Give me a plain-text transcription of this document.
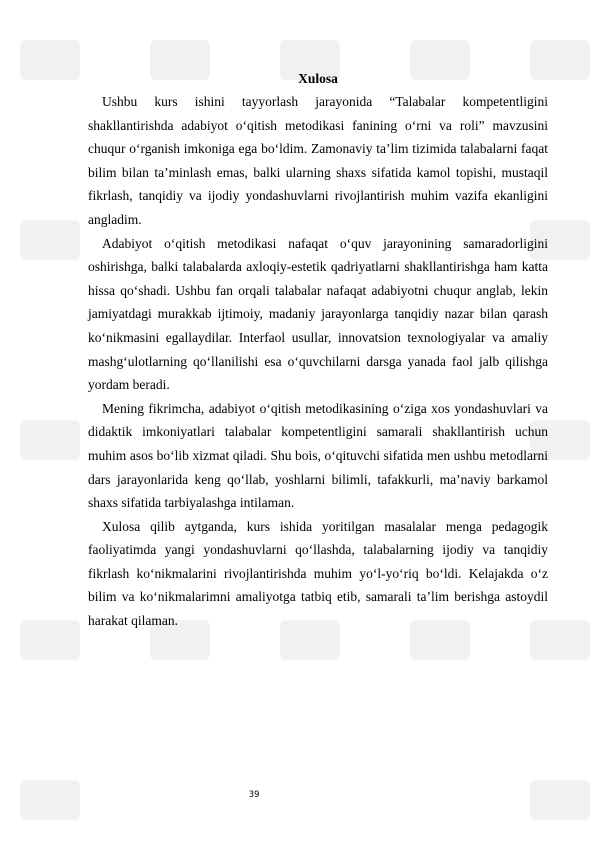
Xulosa

Ushbu kurs ishini tayyorlash jarayonida “Talabalar kompetentligini shakllantirishda adabiyot o‘qitish metodikasi fanining o‘rni va roli” mavzusini chuqur o‘rganish imkoniga ega bo‘ldim. Zamonaviy ta’lim tizimida talabalarni faqat bilim bilan ta’minlash emas, balki ularning shaxs sifatida kamol topishi, mustaqil fikrlash, tanqidiy va ijodiy yondashuvlarni rivojlantirish muhim vazifa ekanligini angladim.

Adabiyot o‘qitish metodikasi nafaqat o‘quv jarayonining samaradorligini oshirishga, balki talabalarda axloqiy-estetik qadriyatlarni shakllantirishga ham katta hissa qo‘shadi. Ushbu fan orqali talabalar nafaqat adabiyotni chuqur anglab, lekin jamiyatdagi murakkab ijtimoiy, madaniy jarayonlarga tanqidiy nazar bilan qarash ko‘nikmasini egallaydilar. Interfaol usullar, innovatsion texnologiyalar va amaliy mashg‘ulotlarning qo‘llanilishi esa o‘quvchilarni darsga yanada faol jalb qilishga yordam beradi.

Mening fikrimcha, adabiyot o‘qitish metodikasining o‘ziga xos yondashuvlari va didaktik imkoniyatlari talabalar kompetentligini samarali shakllantirish uchun muhim asos bo‘lib xizmat qiladi. Shu bois, o‘qituvchi sifatida men ushbu metodlarni dars jarayonlarida keng qo‘llab, yoshlarni bilimli, tafakkurli, ma’naviy barkamol shaxs sifatida tarbiyalashga intilaman.

Xulosa qilib aytganda, kurs ishida yoritilgan masalalar menga pedagogik faoliyatimda yangi yondashuvlarni qo‘llashda, talabalarning ijodiy va tanqidiy fikrlash ko‘nikmalarini rivojlantirishda muhim yo‘l-yo‘riq bo‘ldi. Kelajakda o‘z bilim va ko‘nikmalarimni amaliyotga tatbiq etib, samarali ta’lim berishga astoydil harakat qilaman.

39
